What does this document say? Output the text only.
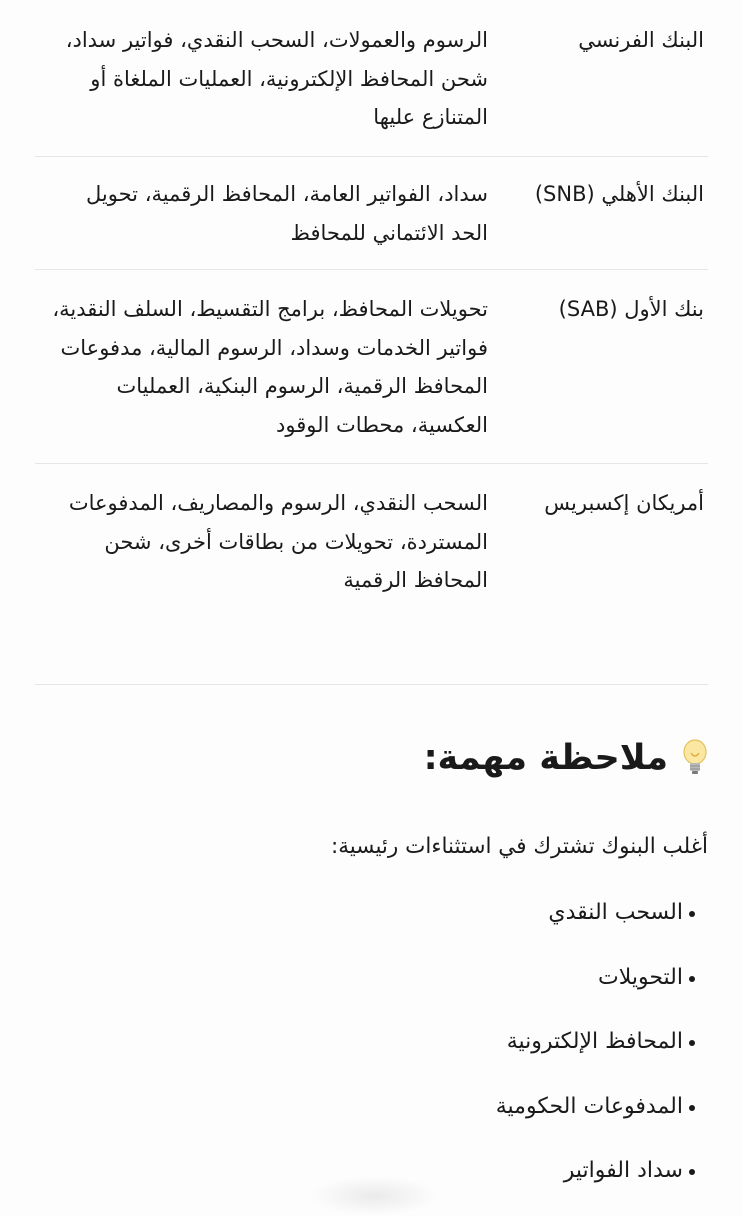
البنك الفرنسي
الرسوم والعمولات، السحب النقدي، فواتير سداد، شحن المحافظ الإلكترونية، العمليات الملغاة أو المتنازع عليها
البنك الأهلي (SNB)
سداد، الفواتير العامة، المحافظ الرقمية، تحويل الحد الائتماني للمحافظ
بنك الأول (SAB)
تحويلات المحافظ، برامج التقسيط، السلف النقدية، فواتير الخدمات وسداد، الرسوم المالية، مدفوعات المحافظ الرقمية، الرسوم البنكية، العمليات العكسية، محطات الوقود
أمريكان إكسبريس
السحب النقدي، الرسوم والمصاريف، المدفوعات المستردة، تحويلات من بطاقات أخرى، شحن المحافظ الرقمية
ملاحظة مهمة:
أغلب البنوك تشترك في استثناءات رئيسية:
السحب النقدي
التحويلات
المحافظ الإلكترونية
المدفوعات الحكومية
سداد الفواتير
